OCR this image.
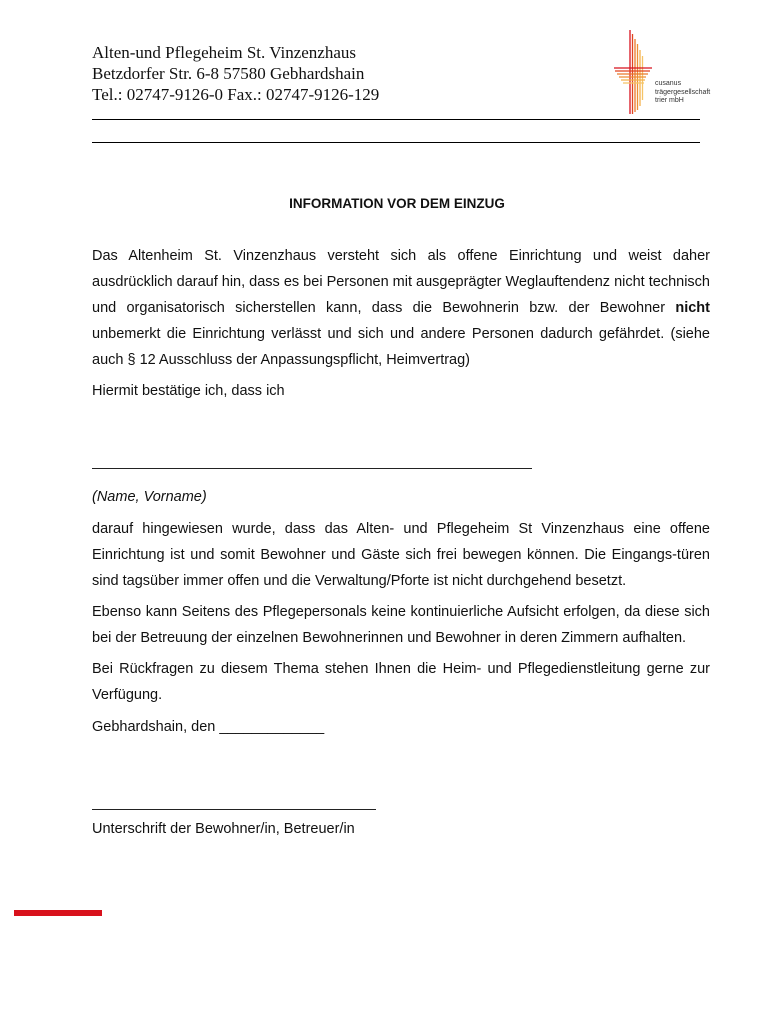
Alten-und Pflegeheim St. Vinzenzhaus
Betzdorfer Str. 6-8 57580 Gebhardshain
Tel.: 02747-9126-0 Fax.: 02747-9126-129
cusanus
trägergesellschaft
trier mbH
INFORMATION VOR DEM EINZUG

Das Altenheim St. Vinzenzhaus versteht sich als offene Einrichtung und weist daher ausdrücklich darauf hin, dass es bei Personen mit ausgeprägter Weglauftendenz nicht technisch und organisatorisch sicherstellen kann, dass die Bewohnerin bzw. der Bewohner nicht unbemerkt die Einrichtung verlässt und sich und andere Personen dadurch gefährdet. (siehe auch § 12 Ausschluss der Anpassungspflicht, Heimvertrag)

Hiermit bestätige ich, dass ich

(Name, Vorname)

darauf hingewiesen wurde, dass das Alten- und Pflegeheim St Vinzenzhaus eine offene Einrichtung ist und somit Bewohner und Gäste sich frei bewegen können. Die Eingangs-türen sind tagsüber immer offen und die Verwaltung/Pforte ist nicht durchgehend besetzt.

Ebenso kann Seitens des Pflegepersonals keine kontinuierliche Aufsicht erfolgen, da diese sich bei der Betreuung der einzelnen Bewohnerinnen und Bewohner in deren Zimmern aufhalten.

Bei Rückfragen zu diesem Thema stehen Ihnen die Heim- und Pflegedienstleitung gerne zur Verfügung.

Gebhardshain, den _____________
Unterschrift der Bewohner/in, Betreuer/in
